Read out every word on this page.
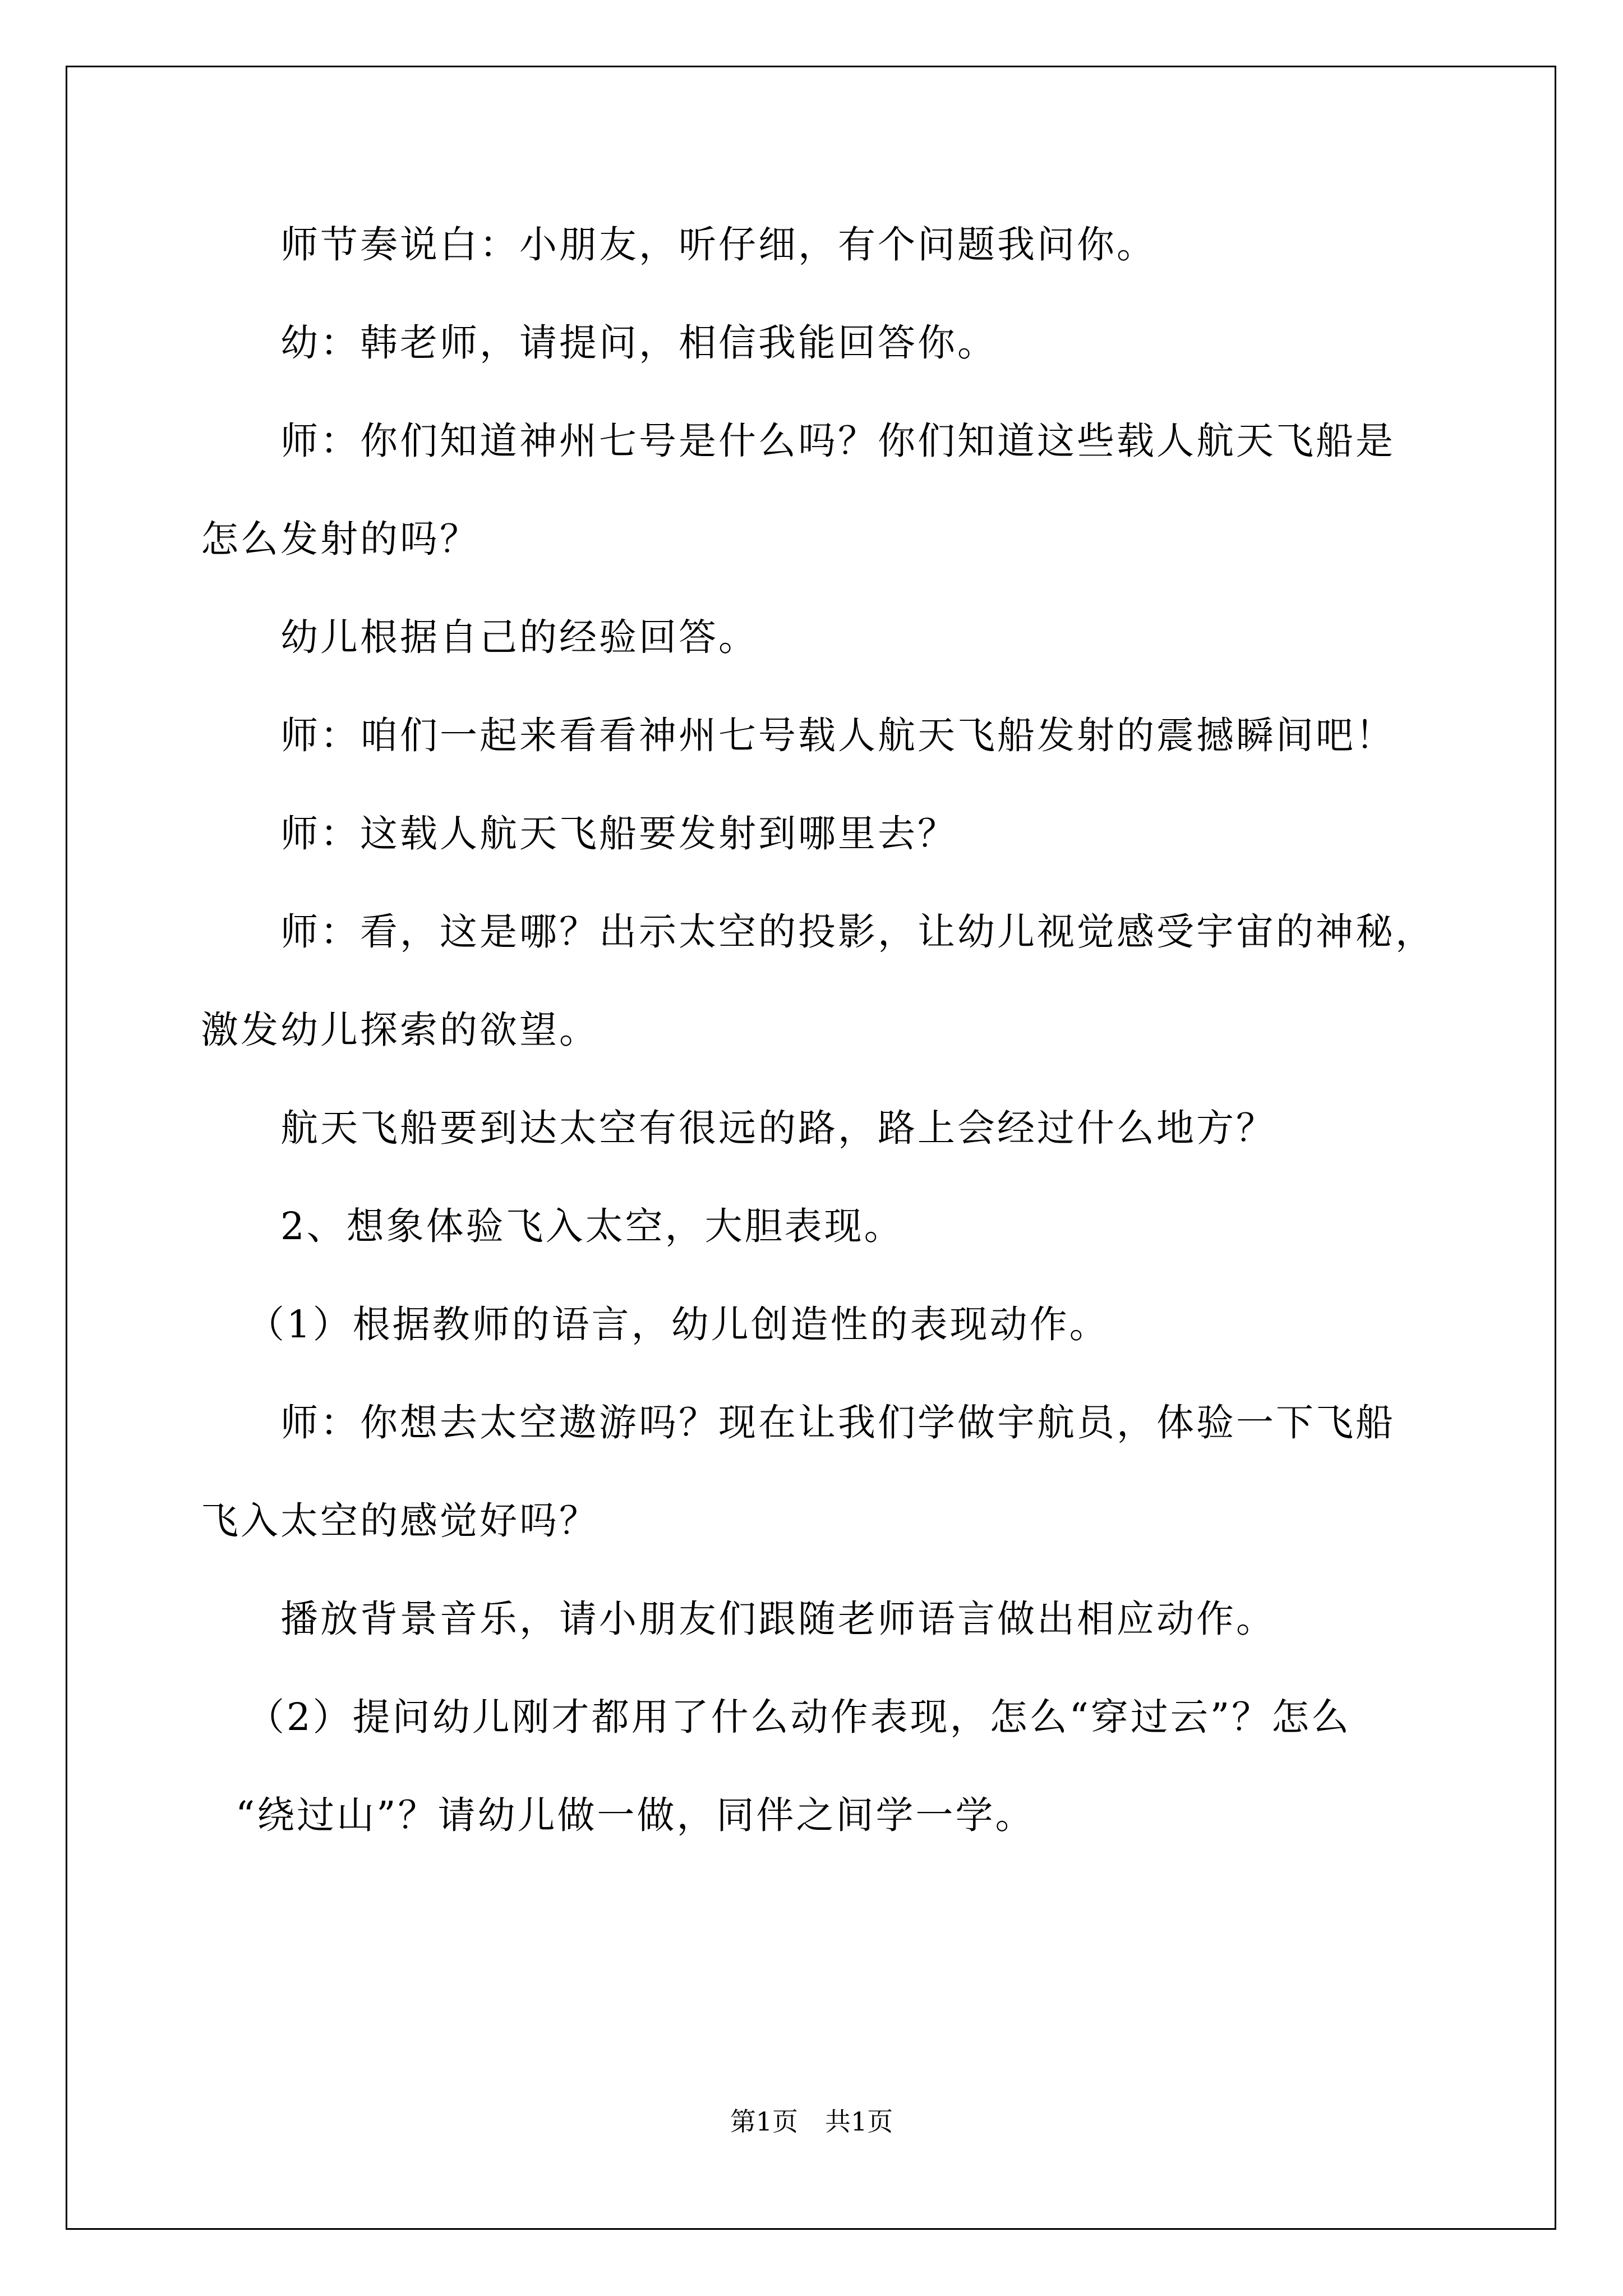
师节奏说白：小朋友，听仔细，有个问题我问你。

幼：韩老师，请提问，相信我能回答你。

师：你们知道神州七号是什么吗？你们知道这些载人航天飞船是

怎么发射的吗？

幼儿根据自己的经验回答。

师：咱们一起来看看神州七号载人航天飞船发射的震撼瞬间吧！

师：这载人航天飞船要发射到哪里去？

师：看，这是哪？出示太空的投影，让幼儿视觉感受宇宙的神秘，

激发幼儿探索的欲望。

航天飞船要到达太空有很远的路，路上会经过什么地方？

2、想象体验飞入太空，大胆表现。

（1）根据教师的语言，幼儿创造性的表现动作。

师：你想去太空遨游吗？现在让我们学做宇航员，体验一下飞船

飞入太空的感觉好吗？

播放背景音乐，请小朋友们跟随老师语言做出相应动作。

（2）提问幼儿刚才都用了什么动作表现，怎么“穿过云”？怎么

“绕过山”？请幼儿做一做，同伴之间学一学。

第1页 共1页
